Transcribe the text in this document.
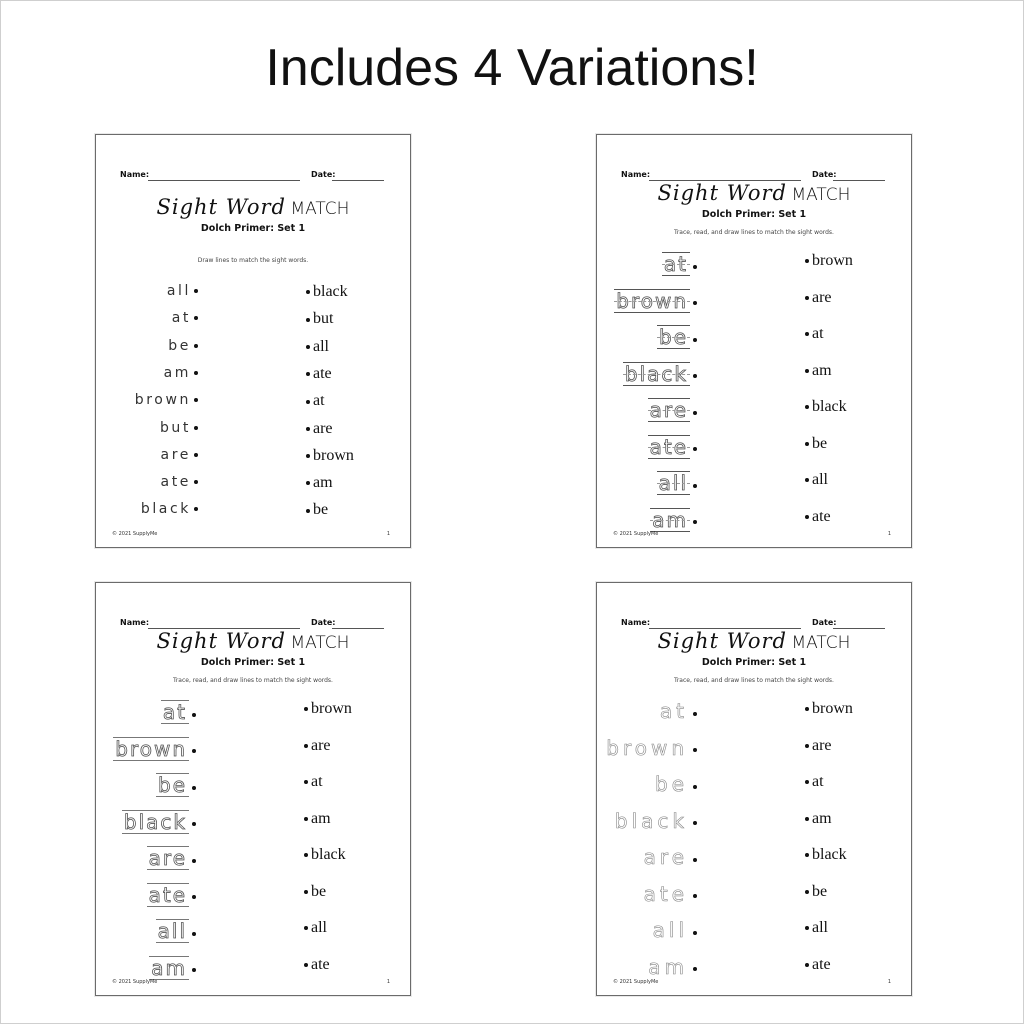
Includes 4 Variations!
Name:	Date:
Sight Word MATCH
Dolch Primer: Set 1
Draw lines to match the sight words.
all	black
at	but
be	all
am	ate
brown	at
but	are
are	brown
ate	am
black	be
© 2021 SupplyMe	1
Name:	Date:
Sight Word MATCH
Dolch Primer: Set 1
Trace, read, and draw lines to match the sight words.
at	brown
brown	are
be	at
black	am
are	black
ate	be
all	all
am	ate
© 2021 SupplyMe	1
Name:	Date:
Sight Word MATCH
Dolch Primer: Set 1
Trace, read, and draw lines to match the sight words.
at	brown
brown	are
be	at
black	am
are	black
ate	be
all	all
am	ate
© 2021 SupplyMe	1
Name:	Date:
Sight Word MATCH
Dolch Primer: Set 1
Trace, read, and draw lines to match the sight words.
at	brown
brown	are
be	at
black	am
are	black
ate	be
all	all
am	ate
© 2021 SupplyMe	1
